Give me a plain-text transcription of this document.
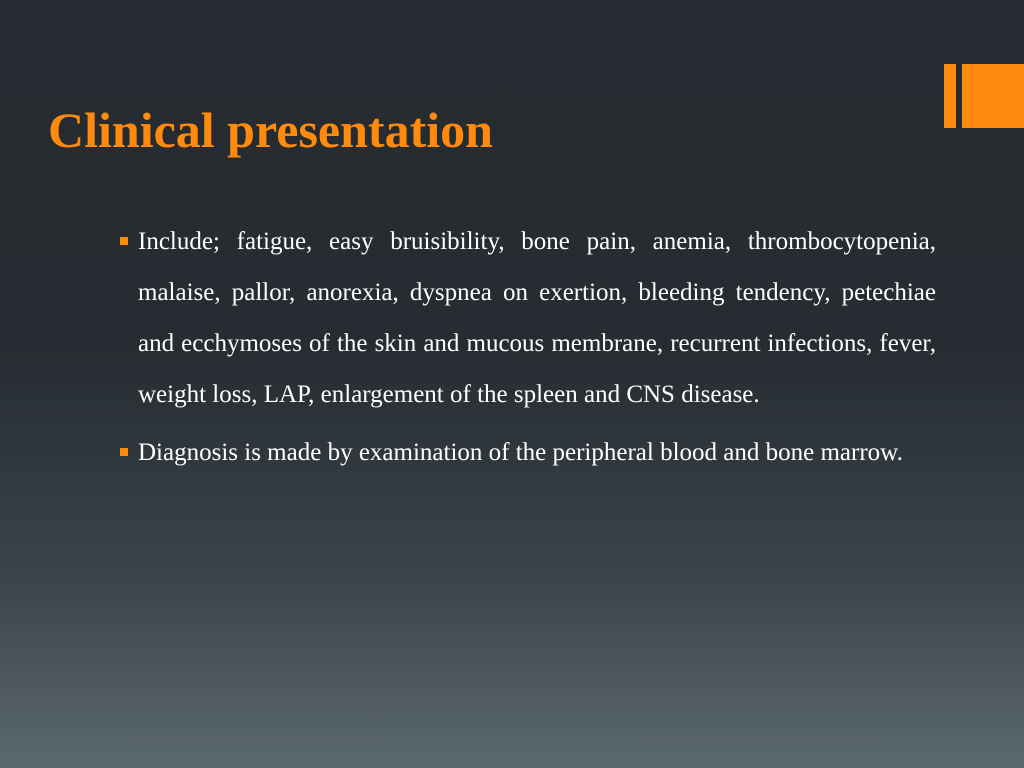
Clinical presentation
Include; fatigue, easy bruisibility, bone pain, anemia, thrombocytopenia, malaise, pallor, anorexia, dyspnea on exertion, bleeding tendency, petechiae and ecchymoses of the skin and mucous membrane, recurrent infections, fever, weight loss, LAP, enlargement of the spleen and CNS disease.
Diagnosis is made by examination of the peripheral blood and bone marrow.
